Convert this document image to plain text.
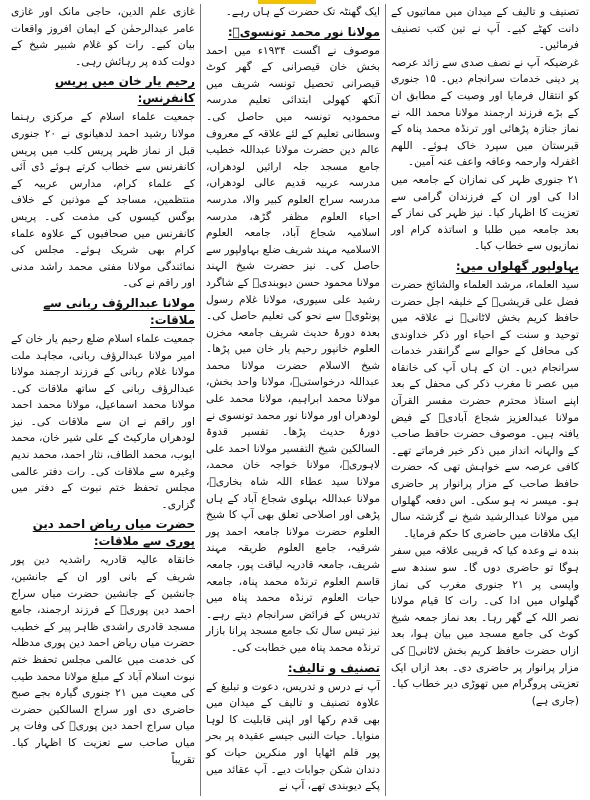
غازی علم الدین، حاجی مانک اور غازی عامر عبدالرحمٰن کے ایمان افروز واقعات بیان کیے۔ رات کو غلام شبیر شیخ کے دولت کدہ پر رہائش رہی۔

رحیم یار خان میں پریس کانفرنس:

جمعیت علماء اسلام کے مرکزی رہنما مولانا رشید احمد لدھیانوی نے ۲۰ جنوری قبل از نماز ظہر پریس کلب میں پریس کانفرنس سے خطاب کرتے ہوئے ڈی آئی کے علماء کرام، مدارس عربیہ کے منتظمین، مساجد کے موذنین کے خلاف بوگس کیسوں کی مذمت کی۔ پریس کانفرنس میں صحافیوں کے علاوہ علماء کرام بھی شریک ہوئے۔ مجلس کی نمائندگی مولانا مفتی محمد راشد مدنی اور راقم نے کی۔

مولانا عبدالرؤف ربانی سے ملاقات:

جمعیت علماء اسلام ضلع رحیم یار خان کے امیر مولانا عبدالرؤف ربانی، مجاہد ملت مولانا غلام ربانی کے فرزند ارجمند مولانا عبدالرؤف ربانی کے ساتھ ملاقات کی۔ مولانا محمد اسماعیل، مولانا محمد احمد اور راقم نے ان سے ملاقات کی۔ نیز لودھراں مارکیٹ کے علی شیر خان، محمد ایوب، محمد الطاف، نثار احمد، محمد ندیم وغیرہ سے ملاقات کی۔ رات دفتر عالمی مجلس تحفظ ختم نبوت کے دفتر میں گزاری۔

حضرت میاں ریاض احمد دین پوری سے ملاقات:

خانقاہ عالیہ قادریہ راشدیہ دین پور شریف کے بانی اور ان کے جانشین، جانشین کے جانشین حضرت میاں سراج احمد دین پوریؒ کے فرزند ارجمند، جامع مسجد قادری راشدی ظاہر پیر کے خطیب حضرت میاں ریاض احمد دین پوری مدظلہ کی خدمت میں عالمی مجلس تحفظ ختم نبوت اسلام آباد کے مبلغ مولانا محمد طیب کی معیت میں ۲۱ جنوری گیارہ بجے صبح حاضری دی اور سراج السالکین حضرت میاں سراج احمد دین پوریؒ کی وفات پر میاں صاحب سے تعزیت کا اظہار کیا۔ تقریباً

ایک گھنٹہ تک حضرت کے ہاں رہے۔

مولانا نور محمد تونسویؒ:

موصوف نے اگست ۱۹۳۴ء میں احمد بخش خان قیصرانی کے گھر کوٹ قیصرانی تحصیل تونسہ شریف میں آنکھ کھولی ابتدائی تعلیم مدرسہ محمودیہ تونسہ میں حاصل کی۔ وسطانی تعلیم کے لئے علاقہ کے معروف عالم دین حضرت مولانا عبداللہ خطیب جامع مسجد جلہ ارائیں لودھراں، مدرسہ عربیہ قدیم عالی لودھراں، مدرسہ سراج العلوم کبیر والا، مدرسہ احیاء العلوم مظفر گڑھ، مدرسہ اسلامیہ شجاع آباد، جامعہ العلوم الاسلامیہ مہند شریف ضلع بہاولپور سے حاصل کی۔ نیز حضرت شیخ الہند مولانا محمود حسن دیوبندیؒ کے شاگرد رشید علی سیوری، مولانا غلام رسول پونٹویؒ سے نحو کی تعلیم حاصل کی۔ بعدہ دورۂ حدیث شریف جامعہ مخزن العلوم خانپور رحیم یار خان میں پڑھا۔ شیخ الاسلام حضرت مولانا محمد عبداللہ درخواستیؒ، مولانا واحد بخش، مولانا محمد ابراہیم، مولانا محمد علی لودھراں اور مولانا نور محمد تونسوی نے دورۂ حدیث پڑھا۔ تفسیر قدوۃ السالکین شیخ التفسیر مولانا احمد علی لاہوریؒ، مولانا خواجہ خان محمد، مولانا سید عطاء اللہ شاہ بخاریؒ، مولانا عبداللہ بہلوی شجاع آباد کے ہاں پڑھی اور اصلاحی تعلق بھی آپ کا شیخ العلوم حضرت مولانا جامعہ احمد پور شرقیہ، جامع العلوم طریقہ مہند شریف، جامعہ قادریہ لیاقت پور، جامعہ قاسم العلوم ترنڈہ محمد پناہ، جامعہ حیات العلوم ترنڈہ محمد پناہ میں تدریس کے فرائض سرانجام دیتے رہے۔ نیز تیس سال تک جامع مسجد پرانا بازار ترنڈہ محمد پناہ میں خطابت کی۔

تصنیف و تالیف:

آپ نے درس و تدریس، دعوت و تبلیغ کے علاوہ تصنیف و تالیف کے میدان میں بھی قدم رکھا اور اپنی قابلیت کا لوہا منوایا۔ حیات النبی جیسے عقیدہ پر بحر پور قلم اٹھایا اور منکرین حیات کو دندان شکن جوابات دیے۔ آپ عقائد میں پکے دیوبندی تھے، آپ نے

تصنیف و تالیف کے میدان میں مماتیوں کے دانت کھٹے کیے۔ آپ نے تین کتب تصنیف فرمائیں۔

غرضیکہ آپ نے نصف صدی سے زائد عرصہ پر دینی خدمات سرانجام دیں۔ ۱۵ جنوری کو انتقال فرمایا اور وصیت کے مطابق ان کے بڑے فرزند ارجمند مولانا محمد اللہ نے نماز جنازہ پڑھائی اور ترنڈہ محمد پناہ کے قبرستان میں سپرد خاک ہوئے۔ اللھم اغفرلہ وارحمہ وعافہ واعف عنہ آمین۔

۲۱ جنوری ظہر کی نمازان کے جامعہ میں ادا کی اور ان کے فرزندان گرامی سے تعزیت کا اظہار کیا۔ نیز ظہر کی نماز کے بعد جامعہ میں طلبا و اساتذہ کرام اور نمازیوں سے خطاب کیا۔

بہاولپور گھلواں میں:

سید العلماء، مرشد العلماء والشائخ حضرت فضل علی قریشیؒ کے خلیفہ اجل حضرت حافظ کریم بخش لاٹانیؒ نے علاقہ میں توحید و سنت کے احیاء اور ذکر خداوندی کی محافل کے حوالے سے گرانقدر خدمات سرانجام دیں۔ ان کے ہاں آپ کی خانقاہ میں عصر تا مغرب ذکر کی محفل کے بعد اپنے استاذ محترم حضرت مفسر القرآن مولانا عبدالعزیز شجاع آبادیؒ کے فیض یافتہ ہیں۔ موصوف حضرت حافظ صاحب کے والہانہ انداز میں ذکر خیر فرماتے تھے۔ کافی عرصہ سے خواہش تھی کہ حضرت حافظ صاحب کے مزار پرانوار پر حاضری ہو۔ میسر نہ ہو سکی۔ اس دفعہ گھلواں میں مولانا عبدالرشید شیخ نے گزشتہ سال ایک ملاقات میں حاضری کا حکم فرمایا۔

بندہ نے وعدہ کیا کہ قریبی علاقہ میں سفر ہوگا تو حاضری دوں گا۔ سو سندھ سے واپسی پر ۲۱ جنوری مغرب کی نماز گھلواں میں ادا کی۔ رات کا قیام مولانا نصر اللہ کے گھر رہا۔ بعد نماز جمعہ شیخ کوٹ کی جامع مسجد میں بیان ہوا، بعد ازاں حضرت حافظ کریم بخش لاٹانیؒ کی مزار پرانوار پر حاضری دی۔ بعد ازاں ایک تعزیتی پروگرام میں تھوڑی دیر خطاب کیا۔ (جاری ہے)
